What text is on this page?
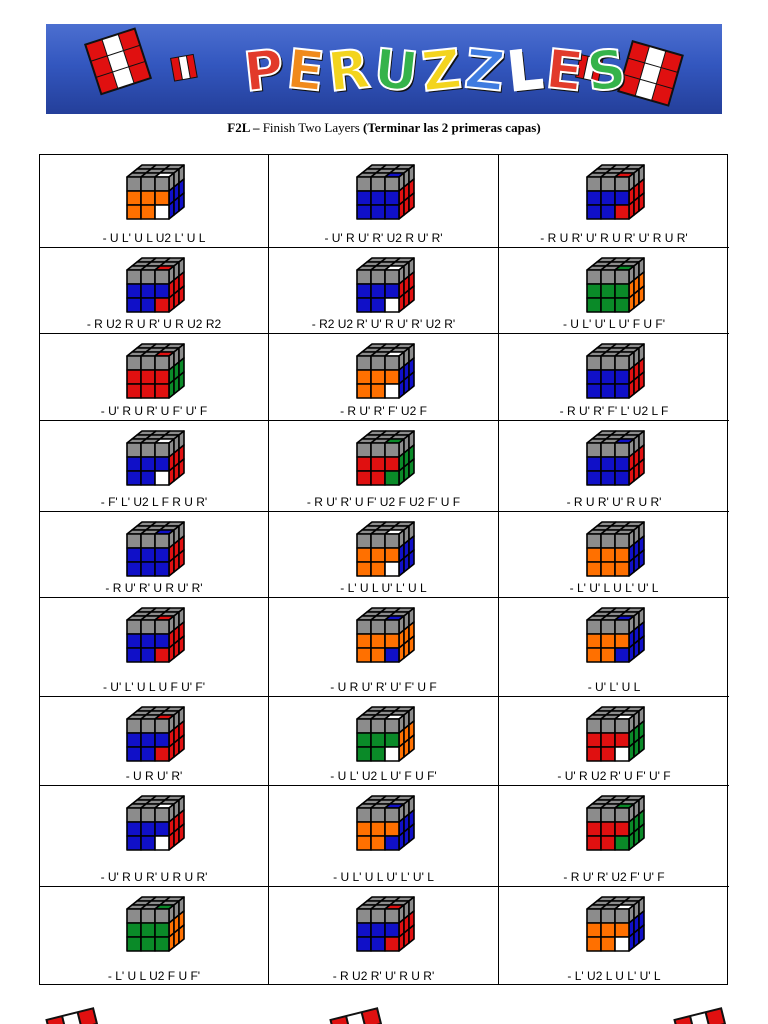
P
E
R
U
Z
Z
L
E
S
F2L – Finish Two Layers (Terminar las 2 primeras capas)
- U L' U L U2 L' U L	- U' R U' R' U2 R U' R'	- R U R' U' R U R' U' R U R'
- R U2 R U R' U R U2 R2	- R2 U2 R' U' R U' R' U2 R'	- U L' U' L U' F U F'
- U' R U R' U F' U' F	- R U' R' F' U2 F	- R U' R' F' L' U2 L F
- F' L' U2 L F R U R'	- R U' R' U F' U2 F U2 F' U F	- R U R' U' R U R'
- R U' R' U R U' R'	- L' U L U' L' U L	- L' U' L U L' U' L
- U' L' U L U F U' F'	- U R U' R' U' F' U F	- U' L' U L
- U R U' R'	- U L' U2 L U' F U F'	- U' R U2 R' U F' U' F
- U' R U R' U R U R'	- U L' U L U' L' U' L	- R U' R' U2 F' U' F
- L' U L U2 F U F'	- R U2 R' U' R U R'	- L' U2 L U L' U' L
